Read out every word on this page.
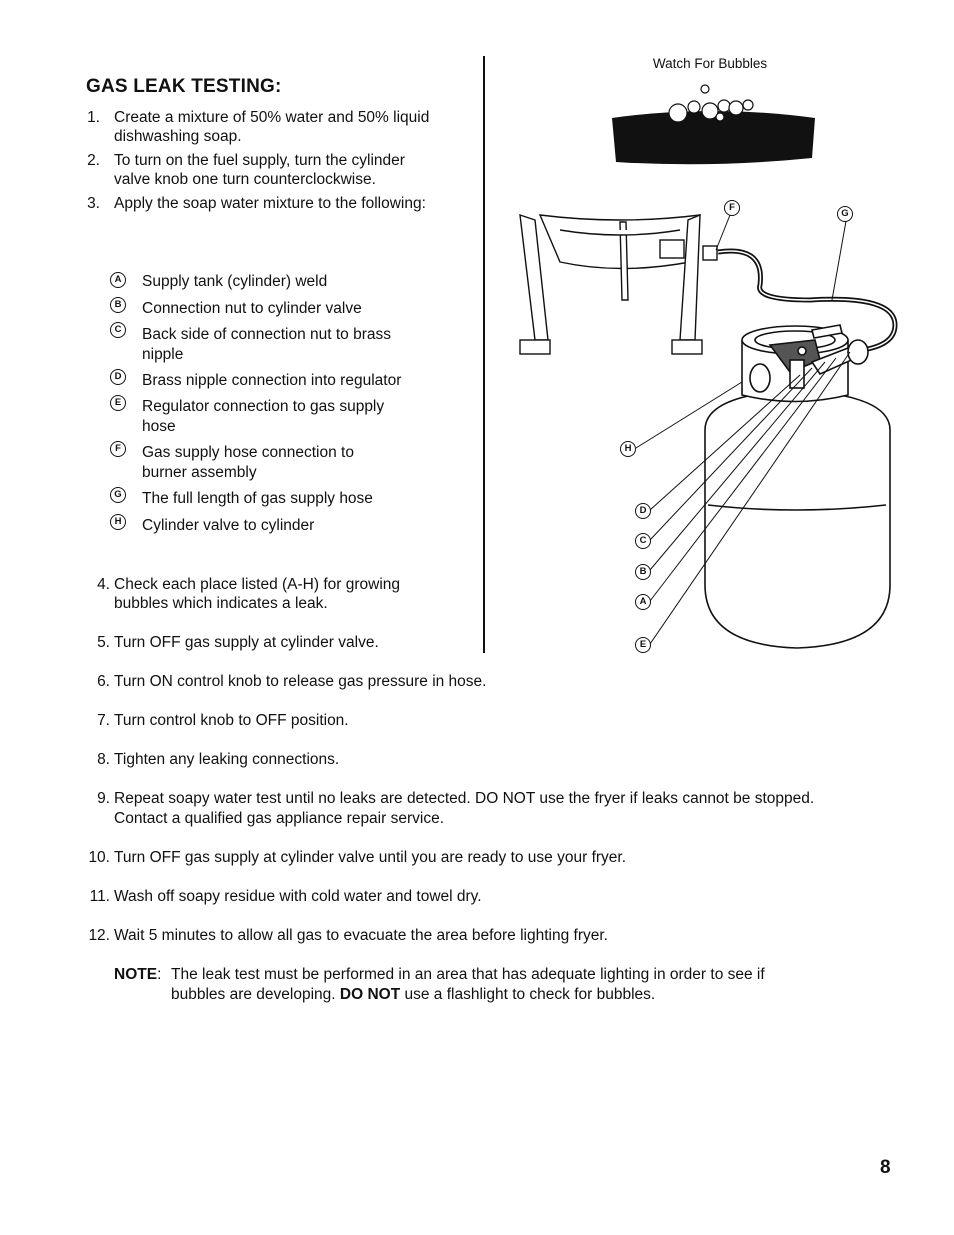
GAS LEAK TESTING:
1. Create a mixture of 50% water and 50% liquid
dishwashing soap.
2. To turn on the fuel supply, turn the cylinder
valve knob one turn counterclockwise.
3. Apply the soap water mixture to the following:
A Supply tank (cylinder) weld
B Connection nut to cylinder valve
C Back side of connection nut to brass
nipple
D Brass nipple connection into regulator
E	Regulator connection to gas supply
hose
F	Gas supply hose connection to
burner assembly
G The full length of gas supply hose
H Cylinder valve to cylinder
4. Check each place listed (A-H) for growing
bubbles which indicates a leak.
5. Turn OFF gas supply at cylinder valve.
6. Turn ON control knob to release gas pressure in hose.
7. Turn control knob to OFF position.
8. Tighten any leaking connections.
9. Repeat soapy water test until no leaks are detected. DO NOT use the fryer if leaks cannot be stopped.
Contact a qualified gas appliance repair service.
10. Turn OFF gas supply at cylinder valve until you are ready to use your fryer.
11. Wash off soapy residue with cold water and towel dry.
12. Wait 5 minutes to allow all gas to evacuate the area before lighting fryer.
NOTE: The leak test must be performed in an area that has adequate lighting in order to see if
bubbles are developing. DO NOT use a flashlight to check for bubbles.
Watch For Bubbles
F
G
H
D
C
B
A
E
8
